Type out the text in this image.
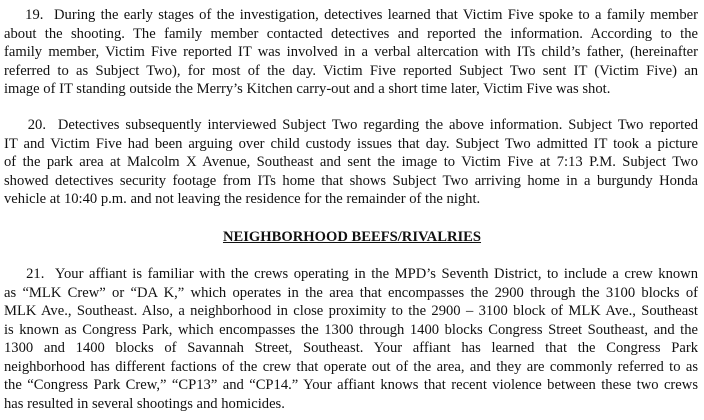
19.  During the early stages of the investigation, detectives learned that Victim Five spoke to a family member
about the shooting. The family member contacted detectives and reported the information. According to the
family member, Victim Five reported IT was involved in a verbal altercation with ITs child’s father, (hereinafter
referred to as Subject Two), for most of the day. Victim Five reported Subject Two sent IT (Victim Five) an
image of IT standing outside the Merry’s Kitchen carry-out and a short time later, Victim Five was shot.
20.  Detectives subsequently interviewed Subject Two regarding the above information. Subject Two reported
IT and Victim Five had been arguing over child custody issues that day. Subject Two admitted IT took a picture
of the park area at Malcolm X Avenue, Southeast and sent the image to Victim Five at 7:13 P.M. Subject Two
showed detectives security footage from ITs home that shows Subject Two arriving home in a burgundy Honda
vehicle at 10:40 p.m. and not leaving the residence for the remainder of the night.
NEIGHBORHOOD BEEFS/RIVALRIES
21.  Your affiant is familiar with the crews operating in the MPD’s Seventh District, to include a crew known
as “MLK Crew” or “DA K,” which operates in the area that encompasses the 2900 through the 3100 blocks of
MLK Ave., Southeast. Also, a neighborhood in close proximity to the 2900 – 3100 block of MLK Ave., Southeast
is known as Congress Park, which encompasses the 1300 through 1400 blocks Congress Street Southeast, and the
1300 and 1400 blocks of Savannah Street, Southeast. Your affiant has learned that the Congress Park
neighborhood has different factions of the crew that operate out of the area, and they are commonly referred to as
the “Congress Park Crew,” “CP13” and “CP14.” Your affiant knows that recent violence between these two crews
has resulted in several shootings and homicides.
